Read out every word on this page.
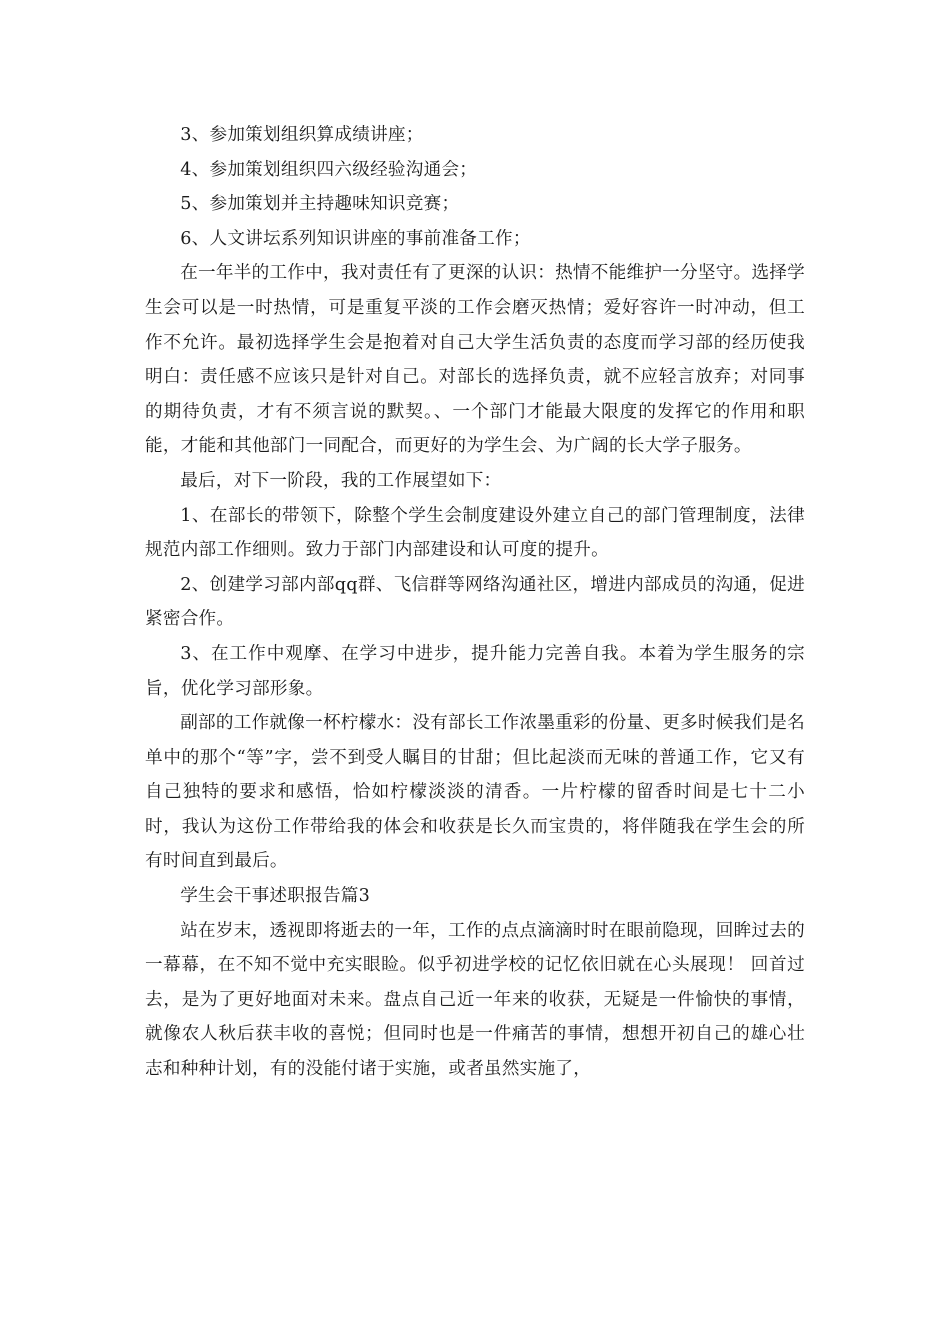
3、参加策划组织算成绩讲座；

4、参加策划组织四六级经验沟通会；

5、参加策划并主持趣味知识竞赛；

6、人文讲坛系列知识讲座的事前准备工作；

在一年半的工作中，我对责任有了更深的认识：热情不能维护一分坚守。选择学生会可以是一时热情，可是重复平淡的工作会磨灭热情；爱好容许一时冲动，但工作不允许。最初选择学生会是抱着对自己大学生活负责的态度而学习部的经历使我明白：责任感不应该只是针对自己。对部长的选择负责，就不应轻言放弃；对同事的期待负责，才有不须言说的默契。、一个部门才能最大限度的发挥它的作用和职能，才能和其他部门一同配合，而更好的为学生会、为广阔的长大学子服务。

最后，对下一阶段，我的工作展望如下：

1、在部长的带领下，除整个学生会制度建设外建立自己的部门管理制度，法律规范内部工作细则。致力于部门内部建设和认可度的提升。

2、创建学习部内部qq群、飞信群等网络沟通社区，增进内部成员的沟通，促进紧密合作。

3、在工作中观摩、在学习中进步，提升能力完善自我。本着为学生服务的宗旨，优化学习部形象。

副部的工作就像一杯柠檬水：没有部长工作浓墨重彩的份量、更多时候我们是名单中的那个“等”字，尝不到受人瞩目的甘甜；但比起淡而无味的普通工作，它又有自己独特的要求和感悟，恰如柠檬淡淡的清香。一片柠檬的留香时间是七十二小时，我认为这份工作带给我的体会和收获是长久而宝贵的，将伴随我在学生会的所有时间直到最后。

学生会干事述职报告篇3

站在岁末，透视即将逝去的一年，工作的点点滴滴时时在眼前隐现，回眸过去的一幕幕，在不知不觉中充实眼睑。似乎初进学校的记忆依旧就在心头展现！ 回首过去，是为了更好地面对未来。盘点自己近一年来的收获，无疑是一件愉快的事情，就像农人秋后获丰收的喜悦；但同时也是一件痛苦的事情，想想开初自己的雄心壮志和种种计划，有的没能付诸于实施，或者虽然实施了，
